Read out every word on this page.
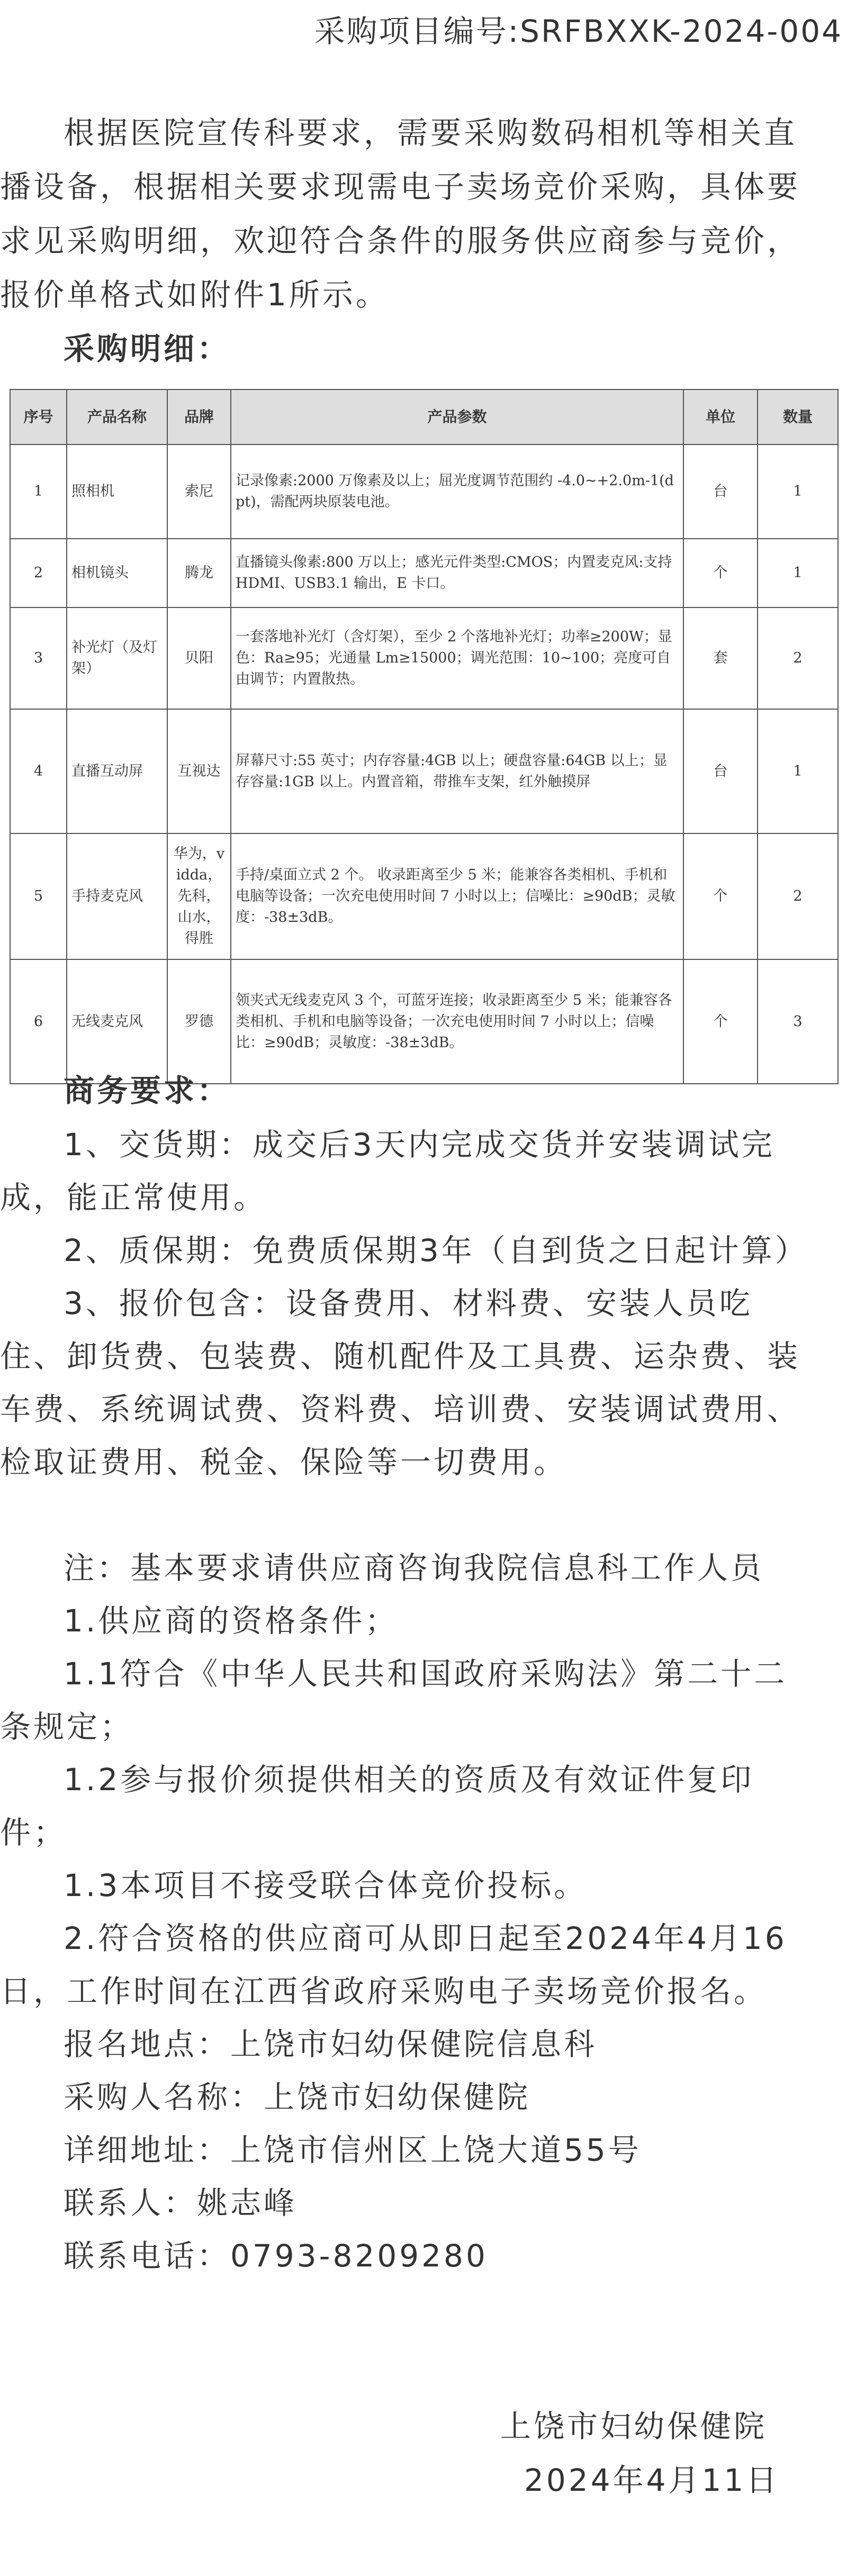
采购项目编号:SRFBXXK-2024-004

根据医院宣传科要求，需要采购数码相机等相关直

播设备，根据相关要求现需电子卖场竞价采购，具体要

求见采购明细，欢迎符合条件的服务供应商参与竞价，

报价单格式如附件1所示。

采购明细：

序号	产品名称	品牌	产品参数	单位	数量
1	照相机	索尼	记录像素:2000 万像素及以上；屈光度调节范围约 -4.0~+2.0m-1(dpt)，需配两块原装电池。	台	1
2	相机镜头	腾龙	直播镜头像素:800 万以上；感光元件类型:CMOS；内置麦克风:支持 HDMI、USB3.1 输出，E 卡口。	个	1
3	补光灯（及灯架）	贝阳	一套落地补光灯（含灯架），至少 2 个落地补光灯；功率≥200W；显色：Ra≥95；光通量 Lm≥15000；调光范围：10~100；亮度可自由调节；内置散热。	套	2
4	直播互动屏	互视达	屏幕尺寸:55 英寸；内存容量:4GB 以上；硬盘容量:64GB 以上；显存容量:1GB 以上。内置音箱，带推车支架，红外触摸屏	台	1
5	手持麦克风	华为，vidda，先科，山水，得胜	手持/桌面立式 2 个。 收录距离至少 5 米；能兼容各类相机、手机和电脑等设备；一次充电使用时间 7 小时以上；信噪比：≥90dB；灵敏度：-38±3dB。	个	2
6	无线麦克风	罗德	领夹式无线麦克风 3 个，可蓝牙连接；收录距离至少 5 米；能兼容各类相机、手机和电脑等设备；一次充电使用时间 7 小时以上；信噪比：≥90dB；灵敏度：-38±3dB。	个	3

商务要求：

1、交货期：成交后3天内完成交货并安装调试完

成，能正常使用。

2、质保期：免费质保期3年（自到货之日起计算）

3、报价包含：设备费用、材料费、安装人员吃

住、卸货费、包装费、随机配件及工具费、运杂费、装

车费、系统调试费、资料费、培训费、安装调试费用、

检取证费用、税金、保险等一切费用。

注：基本要求请供应商咨询我院信息科工作人员

1.供应商的资格条件；

1.1符合《中华人民共和国政府采购法》第二十二

条规定；

1.2参与报价须提供相关的资质及有效证件复印

件；

1.3本项目不接受联合体竞价投标。

2.符合资格的供应商可从即日起至2024年4月16

日，工作时间在江西省政府采购电子卖场竞价报名。

报名地点：上饶市妇幼保健院信息科

采购人名称：上饶市妇幼保健院

详细地址：上饶市信州区上饶大道55号

联系人：姚志峰

联系电话：0793-8209280

上饶市妇幼保健院

2024年4月11日
